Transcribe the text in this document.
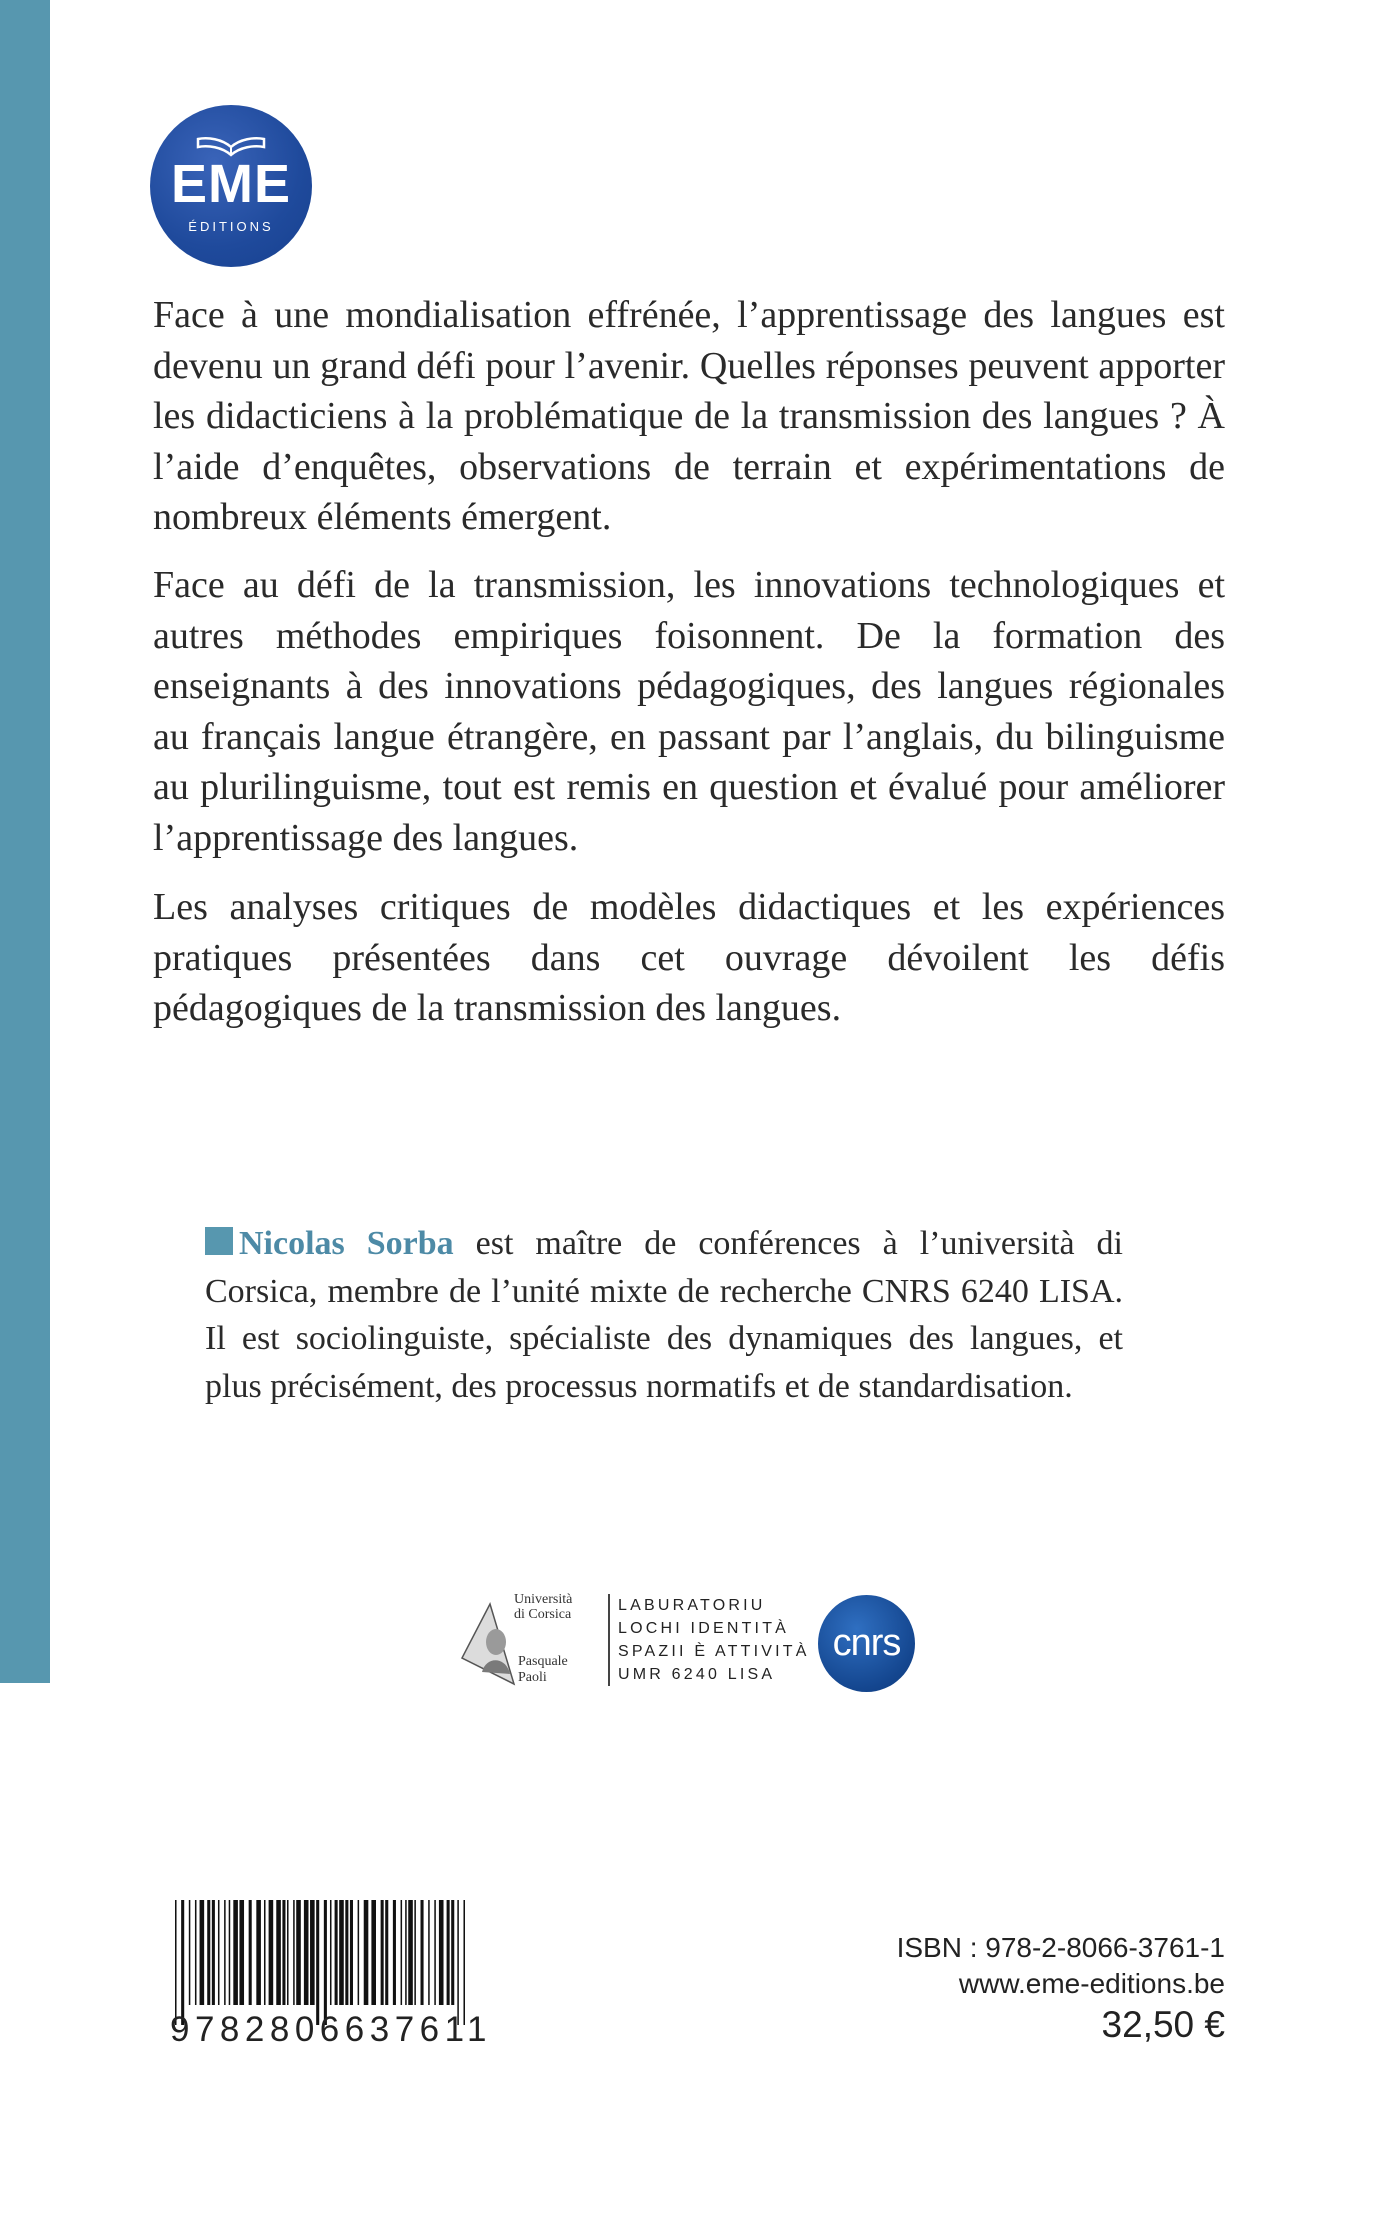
EME
ÉDITIONS

Face à une mondialisation effrénée, l’apprentissage des langues est devenu un grand défi pour l’avenir. Quelles réponses peuvent apporter les didacticiens à la problématique de la transmission des langues ? À l’aide d’enquêtes, observations de terrain et expérimentations de nombreux éléments émergent.

Face au défi de la transmission, les innovations technologiques et autres méthodes empiriques foisonnent. De la formation des enseignants à des innovations pédagogiques, des langues régionales au français langue étrangère, en passant par l’anglais, du bilinguisme au plurilinguisme, tout est remis en question et évalué pour améliorer l’apprentissage des langues.

Les analyses critiques de modèles didactiques et les expériences pratiques présentées dans cet ouvrage dévoilent les défis pédagogiques de la transmission des langues.

Nicolas Sorba est maître de conférences à l’università di Corsica, membre de l’unité mixte de recherche CNRS 6240 LISA. Il est sociolinguiste, spécialiste des dynamiques des langues, et plus précisément, des processus normatifs et de standardisation.

Università
di Corsica
Pasquale
Paoli
LABURATORIU
LOCHI IDENTITÀ
SPAZII È ATTIVITÀ
UMR 6240 LISA
cnrs
9782806637611
ISBN : 978-2-8066-3761-1
www.eme-editions.be
32,50 €
